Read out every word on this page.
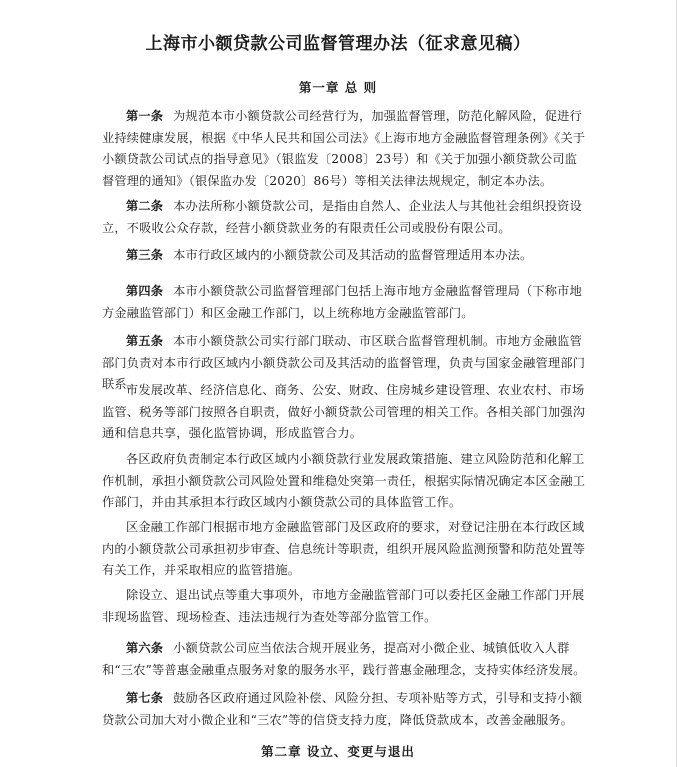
上海市小额贷款公司监督管理办法（征求意见稿）
第一章 总 则
第一条 为规范本市小额贷款公司经营行为，加强监督管理，防范化解风险，促进行业持续健康发展，根据《中华人民共和国公司法》《上海市地方金融监督管理条例》《关于小额贷款公司试点的指导意见》（银监发〔2008〕23号）和《关于加强小额贷款公司监督管理的通知》（银保监办发〔2020〕86号）等相关法律法规规定，制定本办法。
第二条 本办法所称小额贷款公司，是指由自然人、企业法人与其他社会组织投资设立，不吸收公众存款，经营小额贷款业务的有限责任公司或股份有限公司。
第三条 本市行政区域内的小额贷款公司及其活动的监督管理适用本办法。
第四条 本市小额贷款公司监督管理部门包括上海市地方金融监督管理局（下称市地方金融监管部门）和区金融工作部门，以上统称地方金融监管部门。
第五条 本市小额贷款公司实行部门联动、市区联合监督管理机制。市地方金融监管部门负责对本市行政区域内小额贷款公司及其活动的监督管理，负责与国家金融管理部门联系。
市发展改革、经济信息化、商务、公安、财政、住房城乡建设管理、农业农村、市场监管、税务等部门按照各自职责，做好小额贷款公司管理的相关工作。各相关部门加强沟通和信息共享，强化监管协调，形成监管合力。
各区政府负责制定本行政区域内小额贷款行业发展政策措施、建立风险防范和化解工作机制，承担小额贷款公司风险处置和维稳处突第一责任，根据实际情况确定本区金融工作部门，并由其承担本行政区域内小额贷款公司的具体监管工作。
区金融工作部门根据市地方金融监管部门及区政府的要求，对登记注册在本行政区域内的小额贷款公司承担初步审查、信息统计等职责，组织开展风险监测预警和防范处置等有关工作，并采取相应的监管措施。
除设立、退出试点等重大事项外，市地方金融监管部门可以委托区金融工作部门开展非现场监管、现场检查、违法违规行为查处等部分监管工作。
第六条 小额贷款公司应当依法合规开展业务，提高对小微企业、城镇低收入人群和“三农”等普惠金融重点服务对象的服务水平，践行普惠金融理念，支持实体经济发展。
第七条 鼓励各区政府通过风险补偿、风险分担、专项补贴等方式，引导和支持小额贷款公司加大对小微企业和“三农”等的信贷支持力度，降低贷款成本，改善金融服务。
第二章 设立、变更与退出
